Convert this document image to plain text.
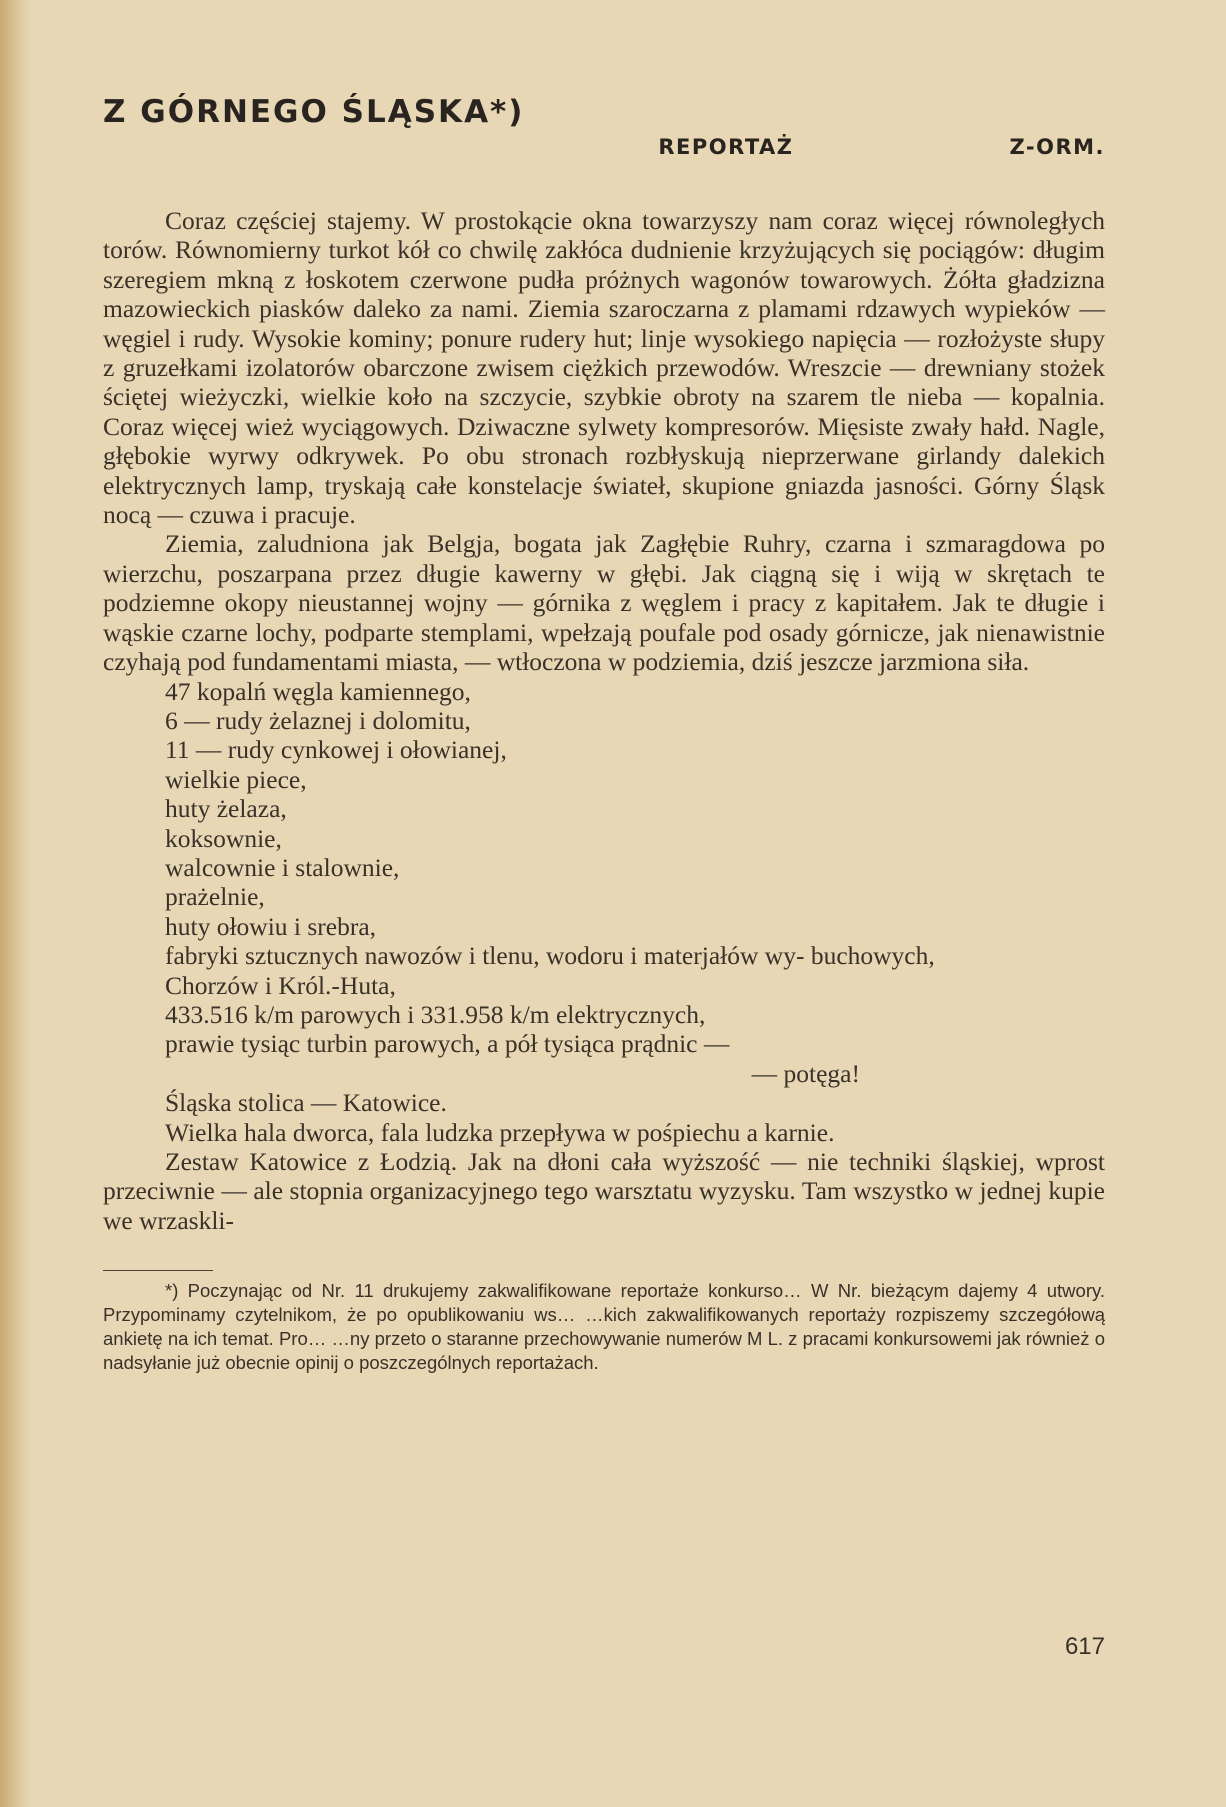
Z GÓRNEGO ŚLĄSKA*)
REPORTAŻ	Z-ORM.

Coraz częściej stajemy. W prostokącie okna towarzyszy nam coraz więcej równoległych torów. Równomierny turkot kół co chwilę zakłóca dudnienie krzyżujących się pociągów: długim szeregiem mkną z łoskotem czerwone pudła próżnych wagonów towarowych. Żółta gładzizna mazowieckich piasków daleko za nami. Ziemia szaroczarna z plamami rdzawych wypieków — węgiel i rudy. Wysokie kominy; ponure rudery hut; linje wysokiego napięcia — rozłożyste słupy z gruzełkami izolatorów obarczone zwisem ciężkich przewodów. Wreszcie — drewniany stożek ściętej wieżyczki, wielkie koło na szczycie, szybkie obroty na szarem tle nieba — kopalnia. Coraz więcej wież wyciągowych. Dziwaczne sylwety kompresorów. Mięsiste zwały hałd. Nagle, głębokie wyrwy odkrywek. Po obu stronach rozbłyskują nieprzerwane girlandy dalekich elektrycznych lamp, tryskają całe konstelacje świateł, skupione gniazda jasności. Górny Śląsk nocą — czuwa i pracuje.

Ziemia, zaludniona jak Belgja, bogata jak Zagłębie Ruhry, czarna i szmaragdowa po wierzchu, poszarpana przez długie kawerny w głębi. Jak ciągną się i wiją w skrętach te podziemne okopy nieustannej wojny — górnika z węglem i pracy z kapitałem. Jak te długie i wąskie czarne lochy, podparte stemplami, wpełzają poufale pod osady górnicze, jak nienawistnie czyhają pod fundamentami miasta, — wtłoczona w podziemia, dziś jeszcze jarzmiona siła.

47 kopalń węgla kamiennego,
6 — rudy żelaznej i dolomitu,
11 — rudy cynkowej i ołowianej,
wielkie piece,
huty żelaza,
koksownie,
walcownie i stalownie,
prażelnie,
huty ołowiu i srebra,
fabryki sztucznych nawozów i tlenu, wodoru i materjałów wy- buchowych,
Chorzów i Król.-Huta,
433.516 k/m parowych i 331.958 k/m elektrycznych,
prawie tysiąc turbin parowych, a pół tysiąca prądnic —
— potęga!
Śląska stolica — Katowice.

Wielka hala dworca, fala ludzka przepływa w pośpiechu a karnie.

Zestaw Katowice z Łodzią. Jak na dłoni cała wyższość — nie techniki śląskiej, wprost przeciwnie — ale stopnia organizacyjnego tego warsztatu wyzysku. Tam wszystko w jednej kupie we wrzaskli-

*) Poczynając od Nr. 11 drukujemy zakwalifikowane reportaże konkurso… W Nr. bieżącym dajemy 4 utwory. Przypominamy czytelnikom, że po opublikowaniu ws… …kich zakwalifikowanych reportaży rozpiszemy szczegółową ankietę na ich temat. Pro… …ny przeto o staranne przechowywanie numerów M L. z pracami konkursowemi jak również o nadsyłanie już obecnie opinij o poszczególnych reportażach.

617
